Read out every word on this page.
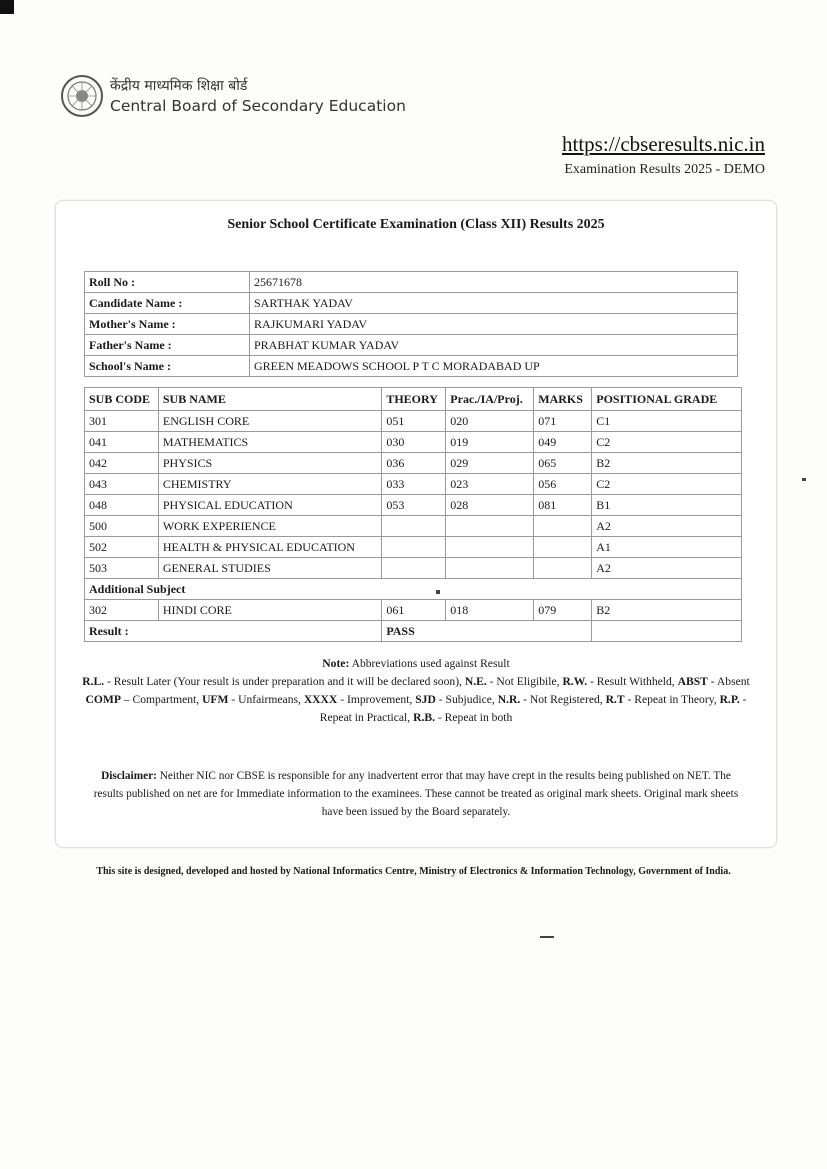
केंद्रीय माध्यमिक शिक्षा बोर्ड
Central Board of Secondary Education
https://cbseresults.nic.in
Examination Results 2025 - DEMO
Senior School Certificate Examination (Class XII) Results 2025
Roll No :	25671678
Candidate Name :	SARTHAK YADAV
Mother's Name :	RAJKUMARI YADAV
Father's Name :	PRABHAT KUMAR YADAV
School's Name :	GREEN MEADOWS SCHOOL P T C MORADABAD UP
SUB CODE	SUB NAME	THEORY	Prac./IA/Proj.	MARKS	POSITIONAL GRADE
301	ENGLISH CORE	051	020	071	C1
041	MATHEMATICS	030	019	049	C2
042	PHYSICS	036	029	065	B2
043	CHEMISTRY	033	023	056	C2
048	PHYSICAL EDUCATION	053	028	081	B1
500	WORK EXPERIENCE				A2
502	HEALTH & PHYSICAL EDUCATION				A1
503	GENERAL STUDIES				A2
Additional Subject					
302	HINDI CORE	061	018	079	B2
Result :		PASS			

Note: Abbreviations used against Result

R.L. - Result Later (Your result is under preparation and it will be declared soon), N.E. - Not Eligibile, R.W. - Result Withheld, ABST - Absent

COMP – Compartment, UFM - Unfairmeans, XXXX - Improvement, SJD - Subjudice, N.R. - Not Registered, R.T - Repeat in Theory, R.P. - Repeat in Practical, R.B. - Repeat in both

Disclaimer: Neither NIC nor CBSE is responsible for any inadvertent error that may have crept in the results being published on NET. The results published on net are for Immediate information to the examinees. These cannot be treated as original mark sheets. Original mark sheets have been issued by the Board separately.
This site is designed, developed and hosted by National Informatics Centre, Ministry of Electronics & Information Technology, Government of India.
